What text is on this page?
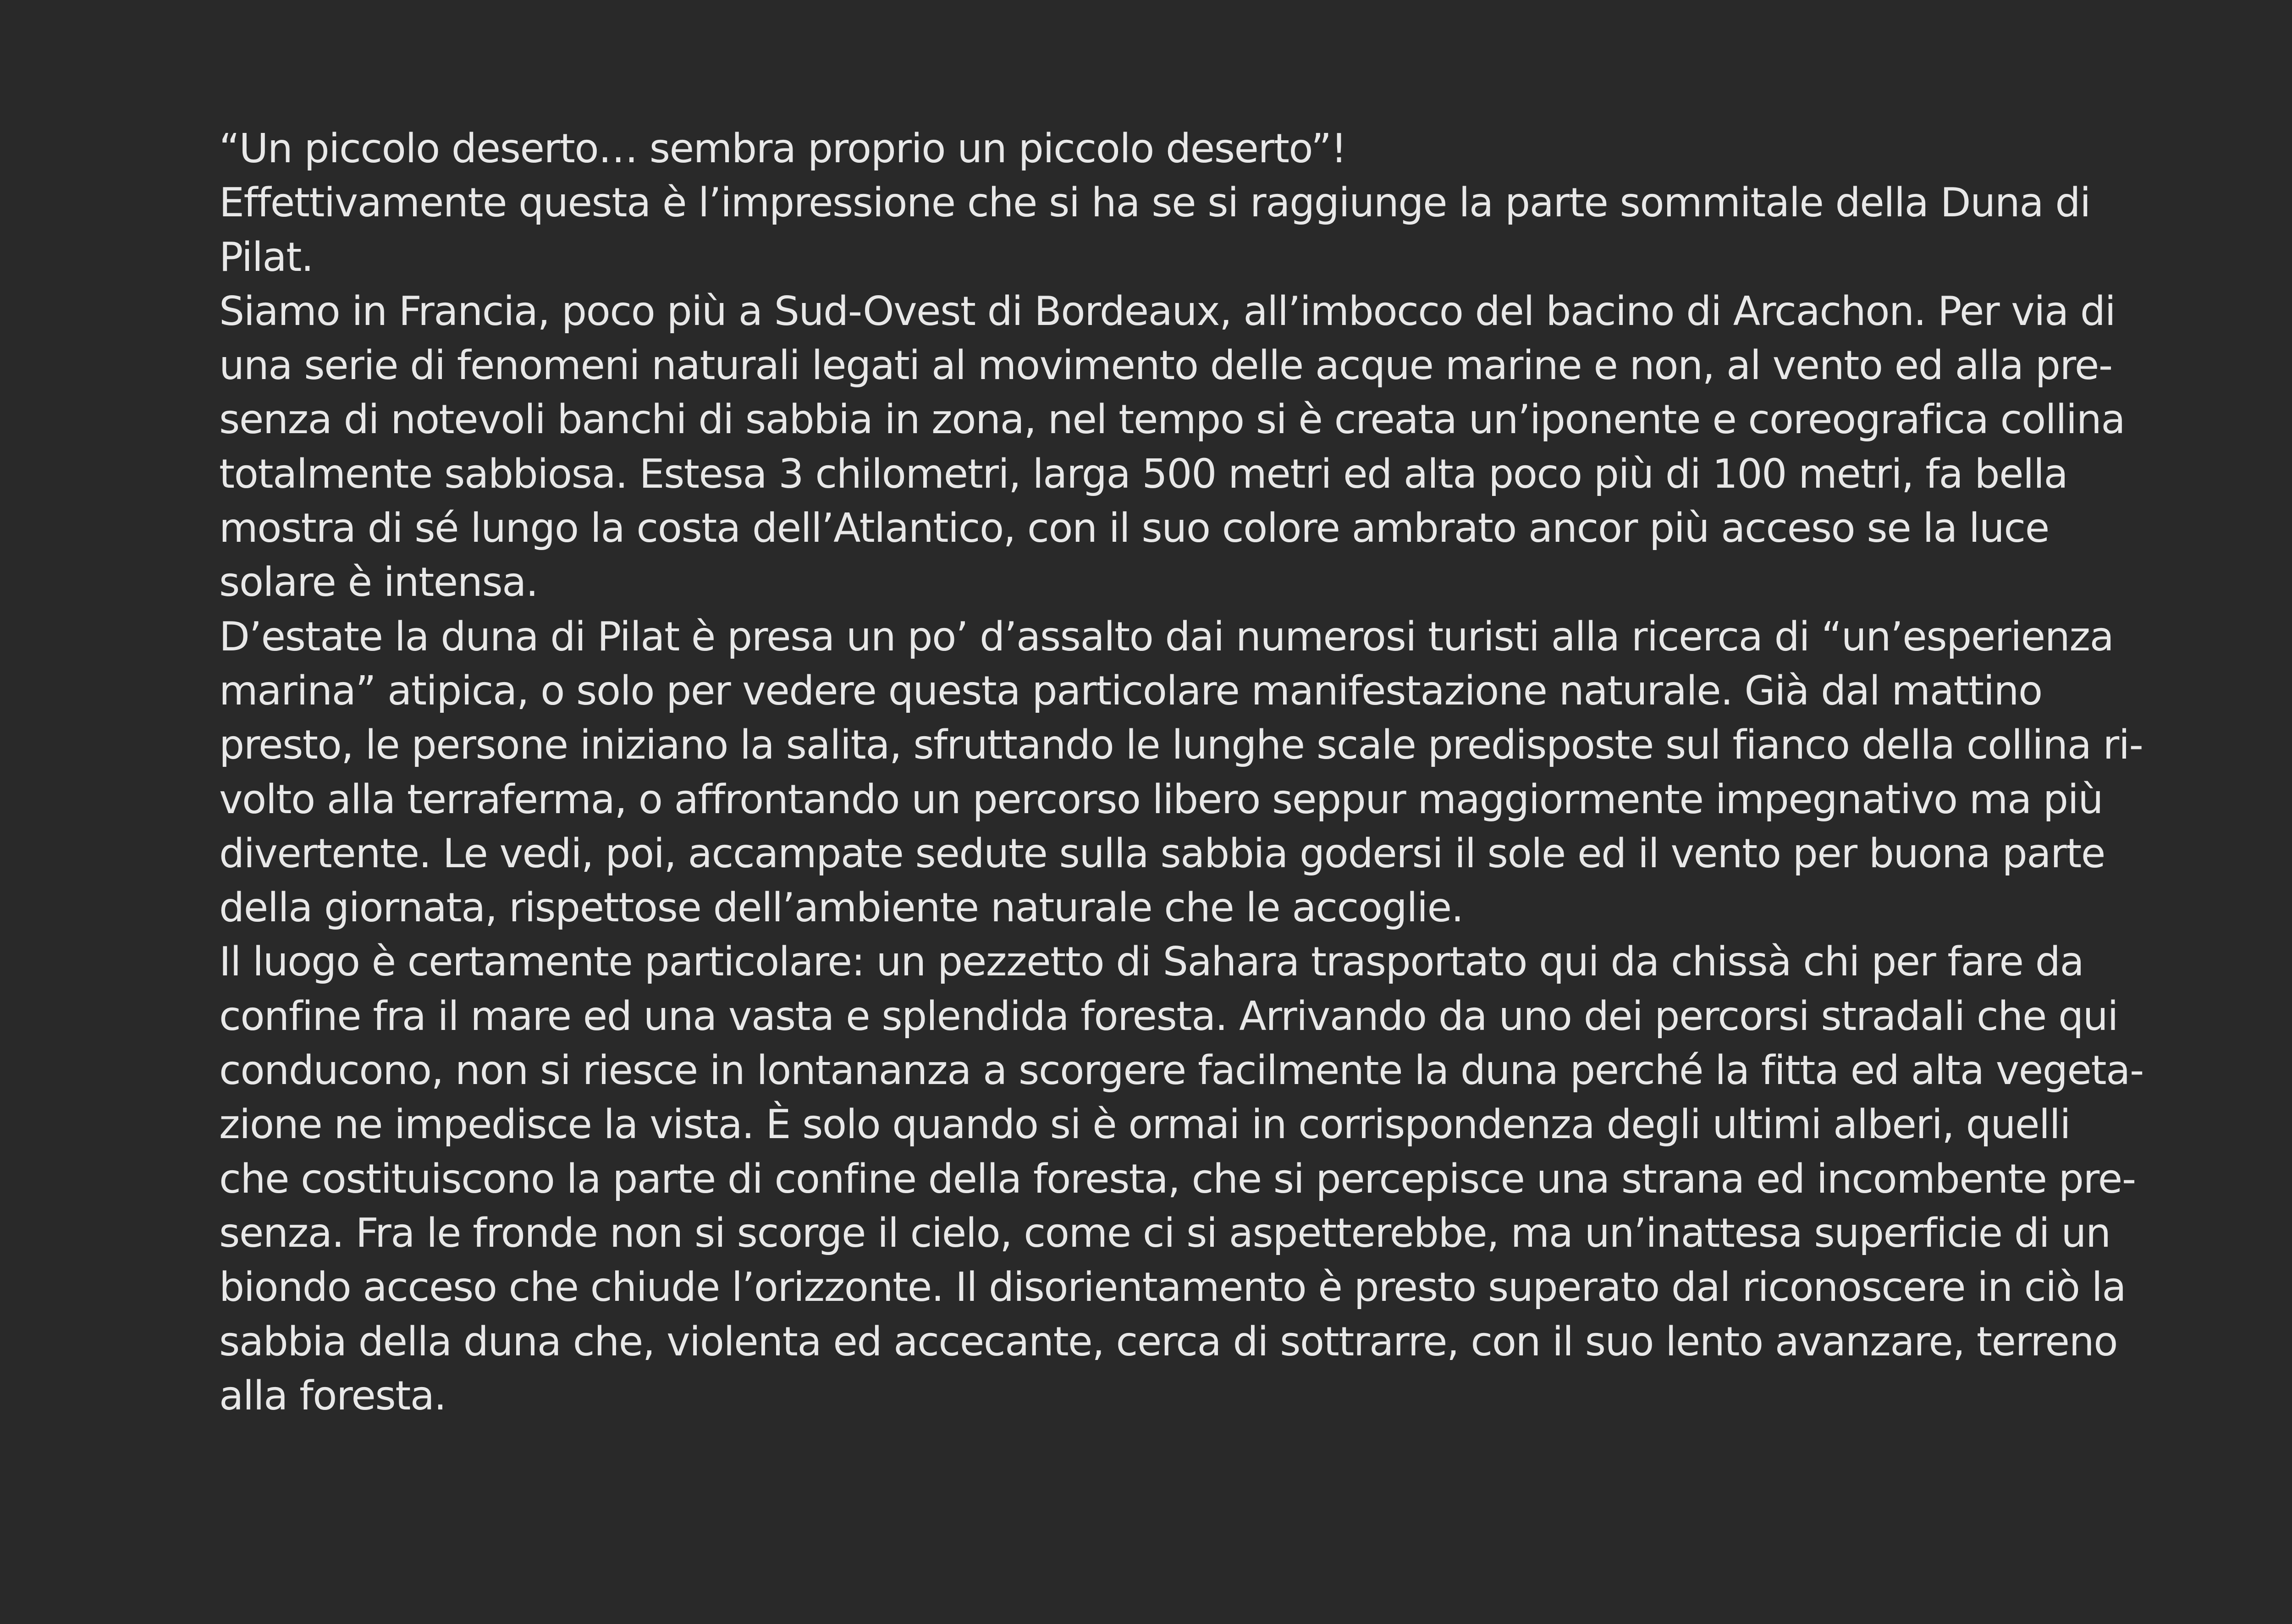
“Un piccolo deserto… sembra proprio un piccolo deserto”!

Effettivamente questa è l’impressione che si ha se si raggiunge la parte sommitale della Duna di

Pilat.

Siamo in Francia, poco più a Sud-Ovest di Bordeaux, all’imbocco del bacino di Arcachon. Per via di

una serie di fenomeni naturali legati al movimento delle acque marine e non, al vento ed alla pre-

senza di notevoli banchi di sabbia in zona, nel tempo si è creata un’iponente e coreografica collina

totalmente sabbiosa. Estesa 3 chilometri, larga 500 metri ed alta poco più di 100 metri, fa bella

mostra di sé lungo la costa dell’Atlantico, con il suo colore ambrato ancor più acceso se la luce

solare è intensa.

D’estate la duna di Pilat è presa un po’ d’assalto dai numerosi turisti alla ricerca di “un’esperienza

marina” atipica, o solo per vedere questa particolare manifestazione naturale. Già dal mattino

presto, le persone iniziano la salita, sfruttando le lunghe scale predisposte sul fianco della collina ri-

volto alla terraferma, o affrontando un percorso libero seppur maggiormente impegnativo ma più

divertente. Le vedi, poi, accampate sedute sulla sabbia godersi il sole ed il vento per buona parte

della giornata, rispettose dell’ambiente naturale che le accoglie.

Il luogo è certamente particolare: un pezzetto di Sahara trasportato qui da chissà chi per fare da

confine fra il mare ed una vasta e splendida foresta. Arrivando da uno dei percorsi stradali che qui

conducono, non si riesce in lontananza a scorgere facilmente la duna perché la fitta ed alta vegeta-

zione ne impedisce la vista. È solo quando si è ormai in corrispondenza degli ultimi alberi, quelli

che costituiscono la parte di confine della foresta, che si percepisce una strana ed incombente pre-

senza. Fra le fronde non si scorge il cielo, come ci si aspetterebbe, ma un’inattesa superficie di un

biondo acceso che chiude l’orizzonte. Il disorientamento è presto superato dal riconoscere in ciò la

sabbia della duna che, violenta ed accecante, cerca di sottrarre, con il suo lento avanzare, terreno

alla foresta.
